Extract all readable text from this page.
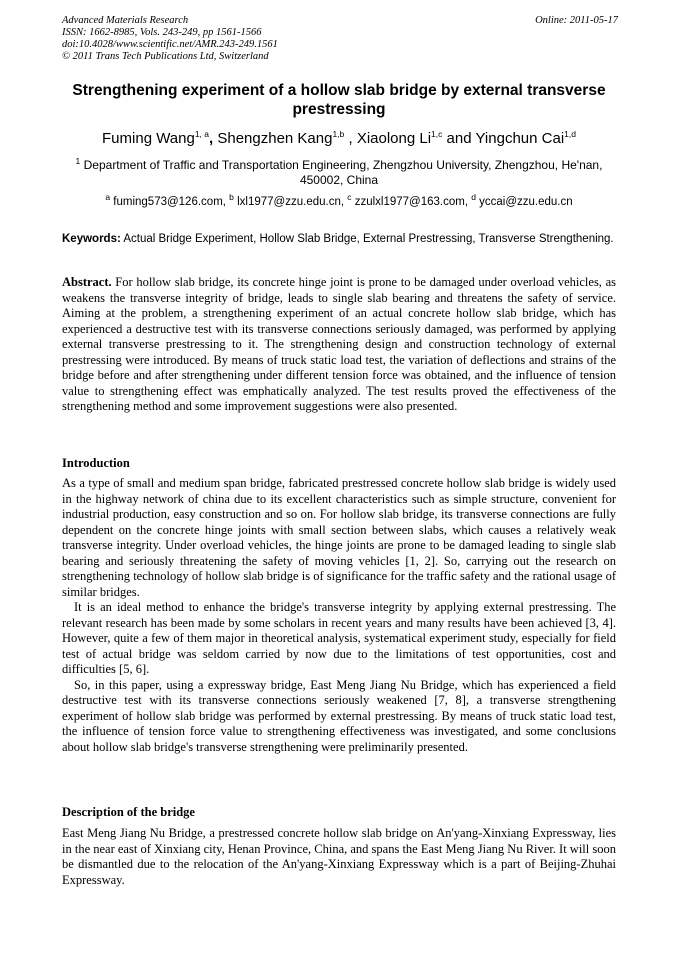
Advanced Materials Research
ISSN: 1662-8985, Vols. 243-249, pp 1561-1566
doi:10.4028/www.scientific.net/AMR.243-249.1561
© 2011 Trans Tech Publications Ltd, Switzerland
Online: 2011-05-17
Strengthening experiment of a hollow slab bridge by external transverse prestressing
Fuming Wang$^{1, a}$, Shengzhen Kang$^{1,b}$ , Xiaolong Li$^{1,c}$ and Yingchun Cai$^{1,d}$
$^1$ Department of Traffic and Transportation Engineering, Zhengzhou University, Zhengzhou, He'nan, 450002, China
$^a$ fuming573@126.com, $^b$ lxl1977@zzu.edu.cn, $^c$ zzulxl1977@163.com, $^d$ yccai@zzu.edu.cn
Keywords: Actual Bridge Experiment, Hollow Slab Bridge, External Prestressing, Transverse Strengthening.
Abstract. For hollow slab bridge, its concrete hinge joint is prone to be damaged under overload vehicles, as weakens the transverse integrity of bridge, leads to single slab bearing and threatens the safety of service. Aiming at the problem, a strengthening experiment of an actual concrete hollow slab bridge, which has experienced a destructive test with its transverse connections seriously damaged, was performed by applying external transverse prestressing to it. The strengthening design and construction technology of external prestressing were introduced. By means of truck static load test, the variation of deflections and strains of the bridge before and after strengthening under different tension force was obtained, and the influence of tension value to strengthening effect was emphatically analyzed. The test results proved the effectiveness of the strengthening method and some improvement suggestions were also presented.
Introduction

As a type of small and medium span bridge, fabricated prestressed concrete hollow slab bridge is widely used in the highway network of china due to its excellent characteristics such as simple structure, convenient for industrial production, easy construction and so on. For hollow slab bridge, its transverse connections are fully dependent on the concrete hinge joints with small section between slabs, which causes a relatively weak transverse integrity. Under overload vehicles, the hinge joints are prone to be damaged leading to single slab bearing and seriously threatening the safety of moving vehicles [1, 2]. So, carrying out the research on strengthening technology of hollow slab bridge is of significance for the traffic safety and the rational usage of similar bridges.

It is an ideal method to enhance the bridge's transverse integrity by applying external prestressing. The relevant research has been made by some scholars in recent years and many results have been achieved [3, 4]. However, quite a few of them major in theoretical analysis, systematical experiment study, especially for field test of actual bridge was seldom carried by now due to the limitations of test opportunities, cost and difficulties [5, 6].

So, in this paper, using a expressway bridge, East Meng Jiang Nu Bridge, which has experienced a field destructive test with its transverse connections seriously weakened [7, 8], a transverse strengthening experiment of hollow slab bridge was performed by external prestressing. By means of truck static load test, the influence of tension force value to strengthening effectiveness was investigated, and some conclusions about hollow slab bridge's transverse strengthening were preliminarily presented.

Description of the bridge
East Meng Jiang Nu Bridge, a prestressed concrete hollow slab bridge on An'yang-Xinxiang Expressway, lies in the near east of Xinxiang city, Henan Province, China, and spans the East Meng Jiang Nu River. It will soon be dismantled due to the relocation of the An'yang-Xinxiang Expressway which is a part of Beijing-Zhuhai Expressway.
